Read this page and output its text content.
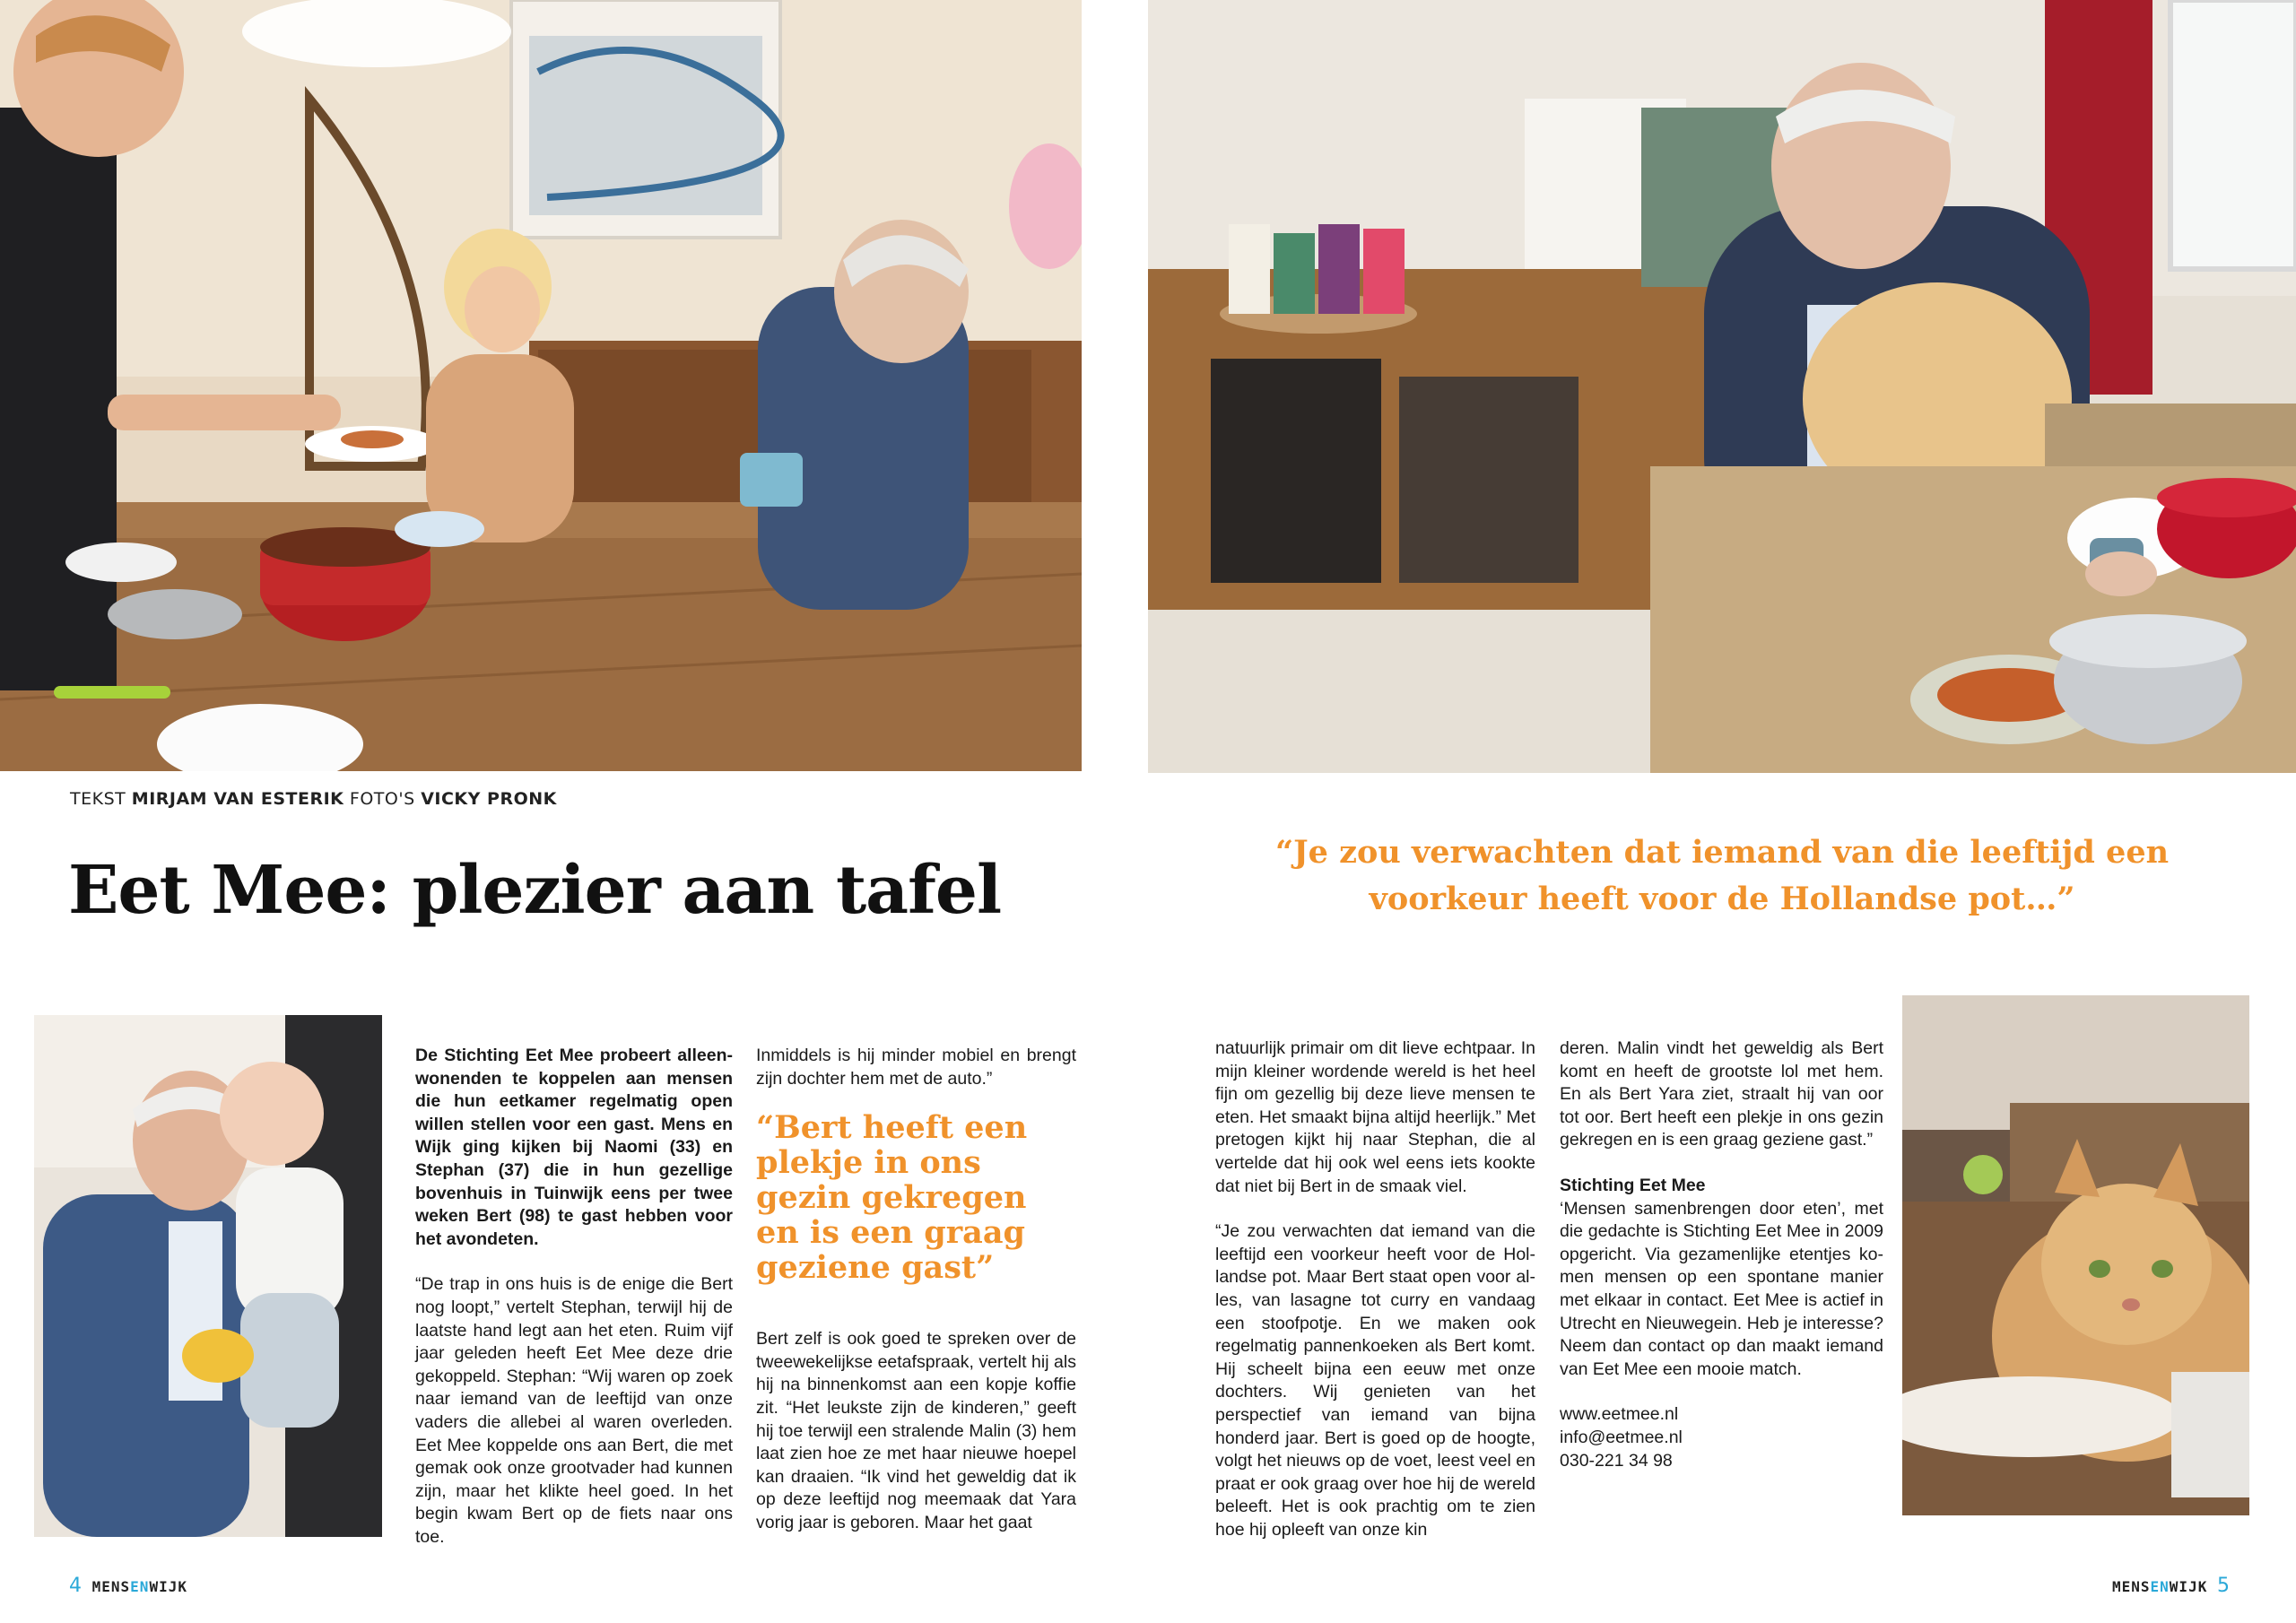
TEKST MIRJAM VAN ESTERIK FOTO'S VICKY PRONK
Eet Mee: plezier aan tafel	“Je zou verwachten dat iemand van die leeftijd een voorkeur heeft voor de Hollandse pot…”

De Stichting Eet Mee probeert alleenwonenden te koppelen aan mensen die hun eetkamer regelmatig open willen stellen voor een gast. Mens en Wijk ging kijken bij Naomi (33) en Stephan (37) die in hun gezellige bovenhuis in Tuinwijk eens per twee weken Bert (98) te gast hebben voor het avondeten.

“De trap in ons huis is de enige die Bert nog loopt,” vertelt Stephan, terwijl hij de laatste hand legt aan het eten. Ruim vijf jaar geleden heeft Eet Mee deze drie gekoppeld. Stephan: “Wij waren op zoek naar iemand van de leeftijd van onze vaders die allebei al waren overleden. Eet Mee koppelde ons aan Bert, die met gemak ook onze grootvader had kunnen zijn, maar het klikte heel goed. In het begin kwam Bert op de fiets naar ons toe.

Inmiddels is hij minder mobiel en brengt zijn dochter hem met de auto.”

“Bert heeft een plekje in ons gezin gekregen en is een graag geziene gast”

Bert zelf is ook goed te spreken over de tweewekelijkse eetafspraak, vertelt hij als hij na binnenkomst aan een kopje koffie zit. “Het leukste zijn de kinderen,” geeft hij toe terwijl een stralende Malin (3) hem laat zien hoe ze met haar nieuwe hoepel kan draaien. “Ik vind het geweldig dat ik op deze leeftijd nog meemaak dat Yara vorig jaar is geboren. Maar het gaat

natuurlijk primair om dit lieve echtpaar. In mijn kleiner wordende wereld is het heel fijn om gezellig bij deze lieve mensen te eten. Het smaakt bijna altijd heerlijk.” Met pretogen kijkt hij naar Stephan, die al vertelde dat hij ook wel eens iets kookte dat niet bij Bert in de smaak viel.

“Je zou verwachten dat iemand van die leeftijd een voorkeur heeft voor de Hollandse pot. Maar Bert staat open voor alles, van lasagne tot curry en vandaag een stoofpotje. En we maken ook regelmatig pannenkoeken als Bert komt. Hij scheelt bijna een eeuw met onze dochters. Wij genieten van het perspectief van iemand van bijna honderd jaar. Bert is goed op de hoogte, volgt het nieuws op de voet, leest veel en praat er ook graag over hoe hij de wereld beleeft. Het is ook prachtig om te zien hoe hij opleeft van onze kin

deren. Malin vindt het geweldig als Bert komt en heeft de grootste lol met hem. En als Bert Yara ziet, straalt hij van oor tot oor. Bert heeft een plekje in ons gezin gekregen en is een graag geziene gast.”

Stichting Eet Mee

‘Mensen samenbrengen door eten’, met die gedachte is Stichting Eet Mee in 2009 opgericht. Via gezamenlijke etentjes komen mensen op een spontane manier met elkaar in contact. Eet Mee is actief in Utrecht en Nieuwegein. Heb je interesse? Neem dan contact op dan maakt iemand van Eet Mee een mooie match.

www.eetmee.nl

info@eetmee.nl

030-221 34 98

4 MENSENWIJK	MENSENWIJK 5
